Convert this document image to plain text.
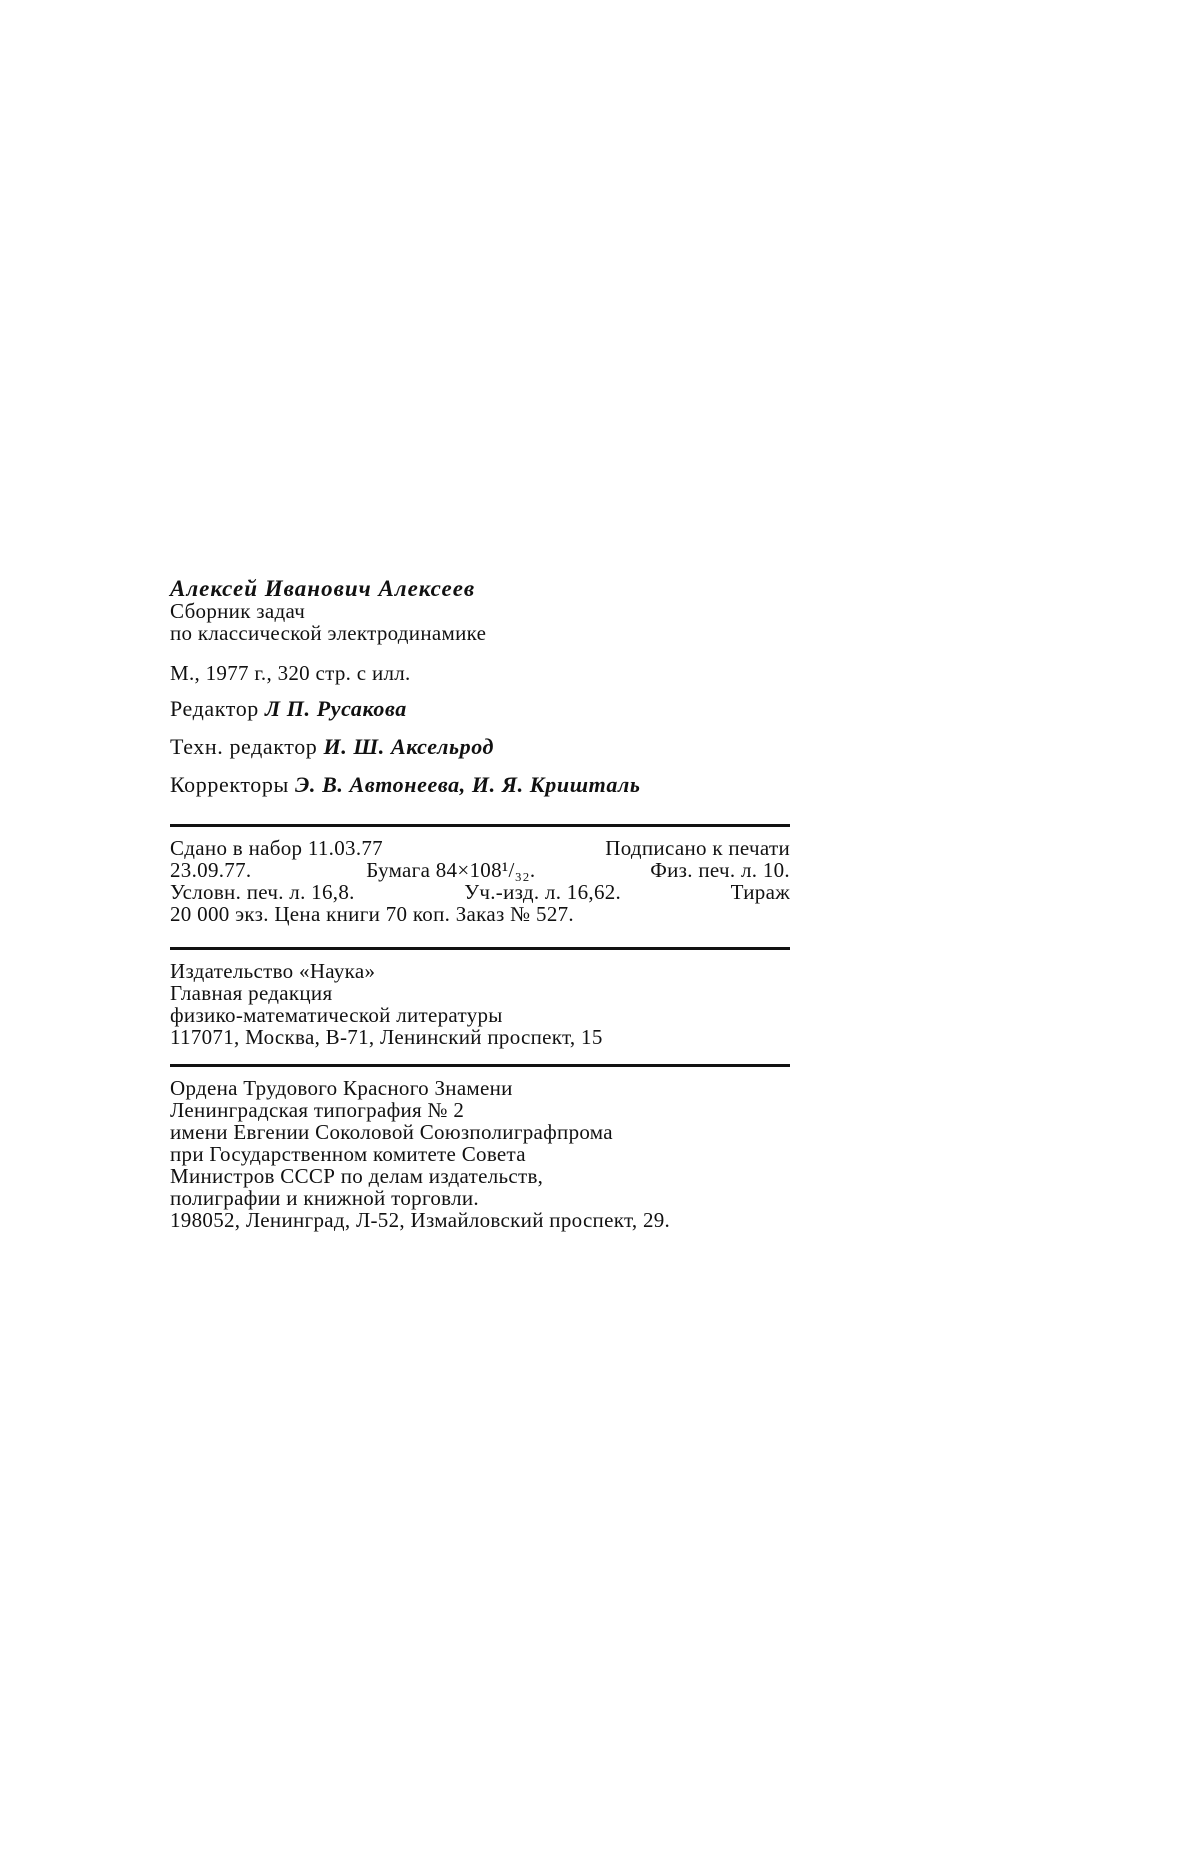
Алексей Иванович Алексеев
Сборник задач
по классической электродинамике
М., 1977 г., 320 стр. с илл.
Редактор Л П. Русакова
Техн. редактор И. Ш. Аксельрод
Корректоры Э. В. Автонеева, И. Я. Кришталь
Сдано в набор 11.03.77	Подписано к печати
23.09.77.	Бумага 84×108¹/₃₂.	Физ. печ. л. 10.
Условн. печ. л. 16,8.	Уч.-изд. л. 16,62.	Тираж
20 000 экз. Цена книги 70 коп. Заказ № 527.
Издательство «Наука»
Главная редакция
физико-математической литературы
117071, Москва, В-71, Ленинский проспект, 15
Ордена Трудового Красного Знамени
Ленинградская типография № 2
имени Евгении Соколовой Союзполиграфпрома
при Государственном комитете Совета
Министров СССР по делам издательств,
полиграфии и книжной торговли.
198052, Ленинград, Л-52, Измайловский проспект, 29.
